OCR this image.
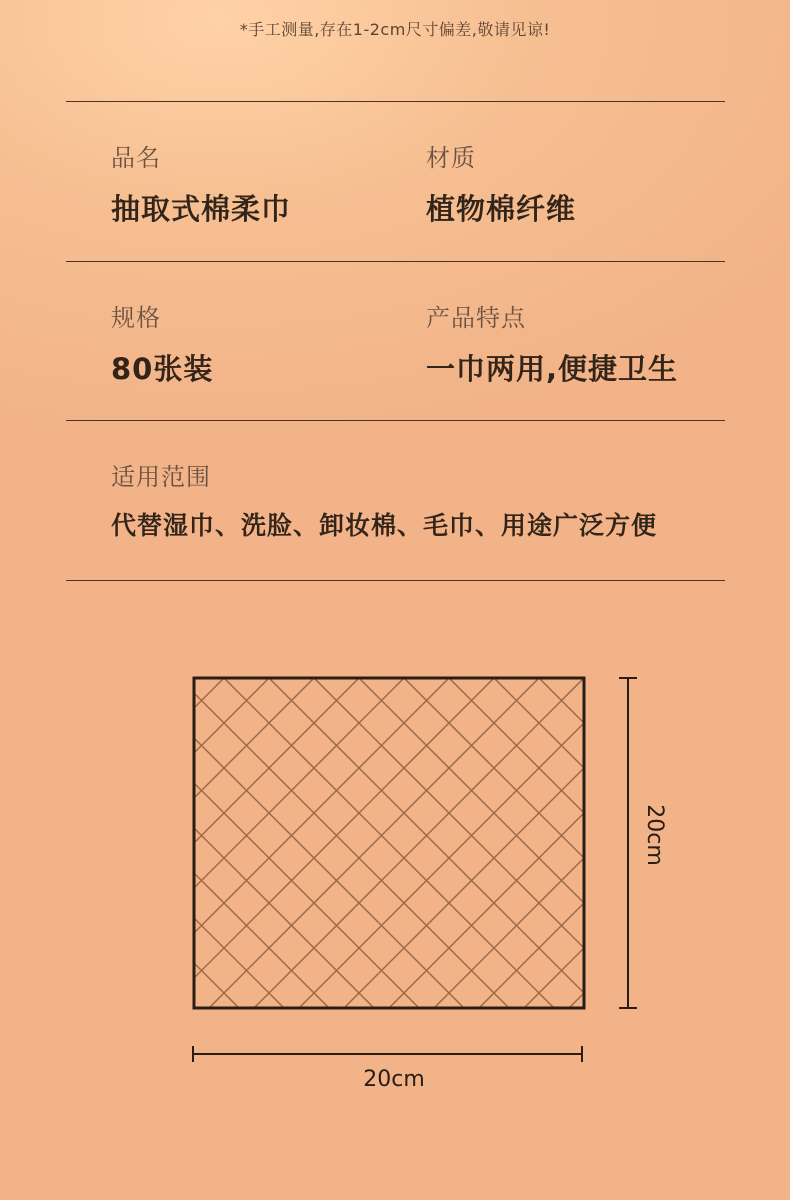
*手工测量,存在1-2cm尺寸偏差,敬请见谅!
品名
抽取式棉柔巾
材质
植物棉纤维
规格
80张装
产品特点
一巾两用,便捷卫生
适用范围
代替湿巾、洗脸、卸妆棉、毛巾、用途广泛方便
20cm
20cm
